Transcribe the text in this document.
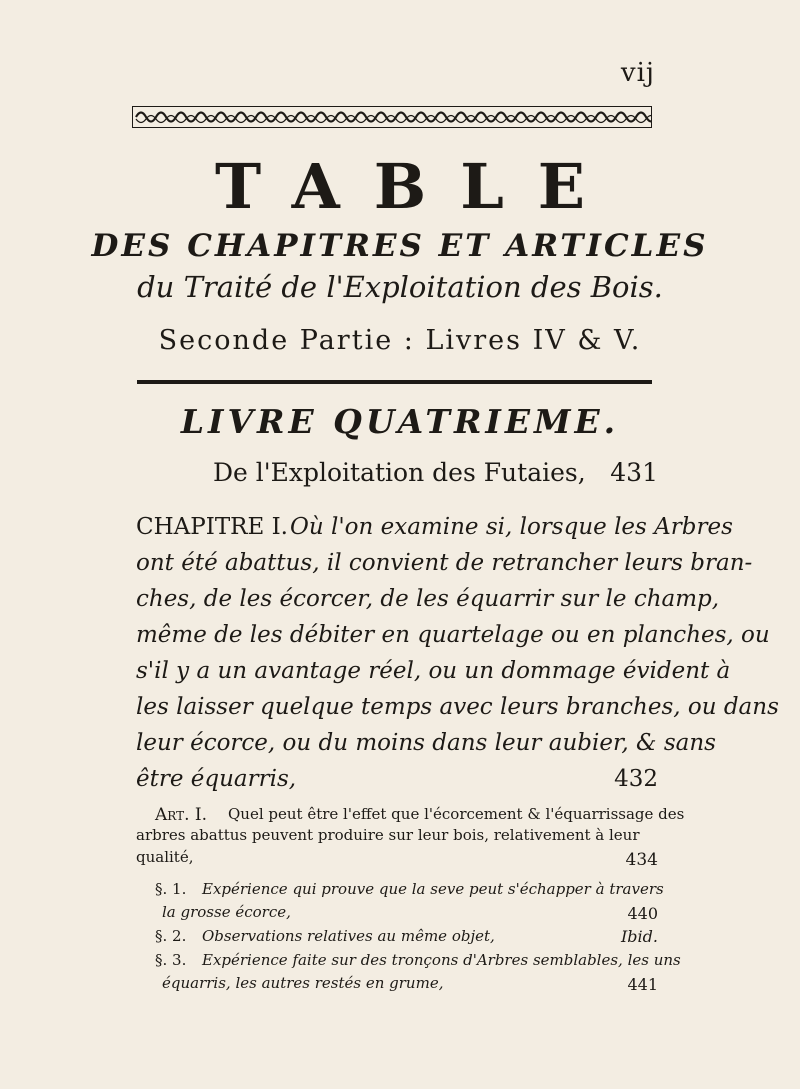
vij
TABLE
DES CHAPITRES ET ARTICLES
du Traité de l'Exploitation des Bois.
Seconde Partie : Livres IV & V.
LIVRE QUATRIEME.
De l'Exploitation des Futaies, 431
CHAPITRE I. Où l'on examine si, lorsque les Arbres
ont été abattus, il convient de retrancher leurs bran-
ches, de les écorcer, de les équarrir sur le champ,
même de les débiter en quartelage ou en planches, ou
s'il y a un avantage réel, ou un dommage évident à
les laisser quelque temps avec leurs branches, ou dans
leur écorce, ou du moins dans leur aubier, & sans
être équarris,	432
Art. I. Quel peut être l'effet que l'écorcement & l'équarrissage des
arbres abattus peuvent produire sur leur bois, relativement à leur
qualité,	434
§. 1. Expérience qui prouve que la seve peut s'échapper à travers
la grosse écorce,	440
§. 2. Observations relatives au même objet,	Ibid.
§. 3. Expérience faite sur des tronçons d'Arbres semblables, les uns
équarris, les autres restés en grume,	441
